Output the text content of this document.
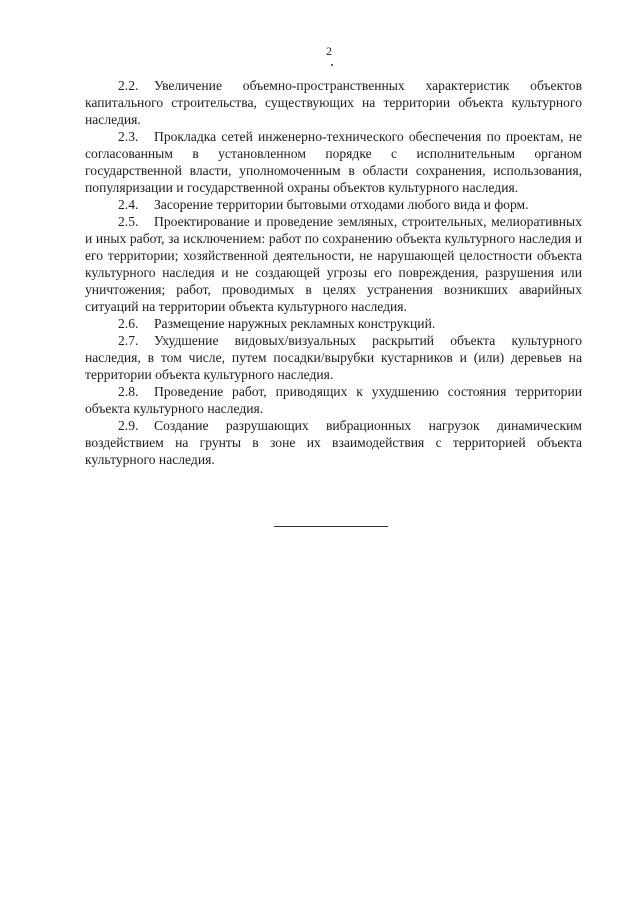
2

2.2. Увеличение объемно-пространственных характеристик объектов капитального строительства, существующих на территории объекта культурного наследия.

2.3. Прокладка сетей инженерно-технического обеспечения по проектам, не согласованным в установленном порядке с исполнительным органом государственной власти, уполномоченным в области сохранения, использования, популяризации и государственной охраны объектов культурного наследия.

2.4. Засорение территории бытовыми отходами любого вида и форм.

2.5. Проектирование и проведение земляных, строительных, мелиоративных и иных работ, за исключением: работ по сохранению объекта культурного наследия и его территории; хозяйственной деятельности, не нарушающей целостности объекта культурного наследия и не создающей угрозы его повреждения, разрушения или уничтожения; работ, проводимых в целях устранения возникших аварийных ситуаций на территории объекта культурного наследия.

2.6. Размещение наружных рекламных конструкций.

2.7. Ухудшение видовых/визуальных раскрытий объекта культурного наследия, в том числе, путем посадки/вырубки кустарников и (или) деревьев на территории объекта культурного наследия.

2.8. Проведение работ, приводящих к ухудшению состояния территории объекта культурного наследия.

2.9. Создание разрушающих вибрационных нагрузок динамическим воздействием на грунты в зоне их взаимодействия с территорией объекта культурного наследия.
